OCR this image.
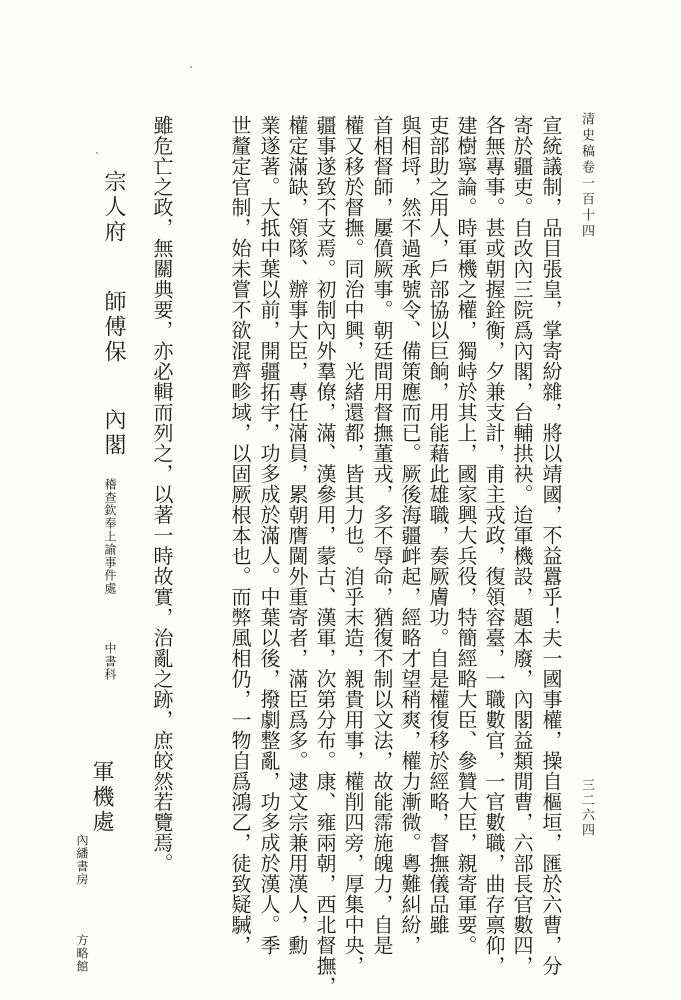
清史稿卷一百十四
三二六四
宣統議制，品目張皇，掌寄紛雜，將以靖國，不益囂乎！夫一國事權，操自樞垣，匯於六曹，分
寄於疆吏。自改內三院爲內閣，台輔拱袂。迨軍機設，題本廢，內閣益類閒曹，六部長官數四，
各無專事。甚或朝握銓衡，夕兼支計，甫主戎政，復領容臺，一職數官，一官數職，曲存禀仰，
建樹寧論。時軍機之權，獨峙於其上，國家興大兵役，特簡經略大臣、參贊大臣，親寄軍要。
吏部助之用人，戶部協以巨餉，用能藉此雄職，奏厥膚功。自是權復移於經略，督撫儀品雖
與相埒，然不過承號令、備策應而已。厥後海疆衅起，經略才望稍爽，權力漸微。粵難糾紛，
首相督師，屢僨厥事。朝廷間用督撫董戎，多不辱命，猶復不制以文法，故能霈施魄力，自是
權又移於督撫。同治中興，光緒還都，皆其力也。洎乎末造，親貴用事，權削四旁，厚集中央，
疆事遂致不支焉。初制內外羣僚，滿、漢參用，蒙古、漢軍，次第分布。康、雍兩朝，西北督撫，
權定滿缺，領隊、辦事大臣，專任滿員，累朝膺閫外重寄者，滿臣爲多。逮文宗兼用漢人，勳
業遂著。大抵中葉以前，開疆拓宇，功多成於滿人。中葉以後，撥劇整亂，功多成於漢人。季
世釐定官制，始未嘗不欲混齊畛域，以固厥根本也。而弊風相仍，一物自爲鴻乙，徒致疑駴，
雖危亡之政，無關典要，亦必輯而列之，以著一時故實，治亂之跡，庶皎然若覽焉。
宗人府
師傅保
內閣
稽查欽奉上諭事件處
中書科
軍機處
內繙書房
方略館
